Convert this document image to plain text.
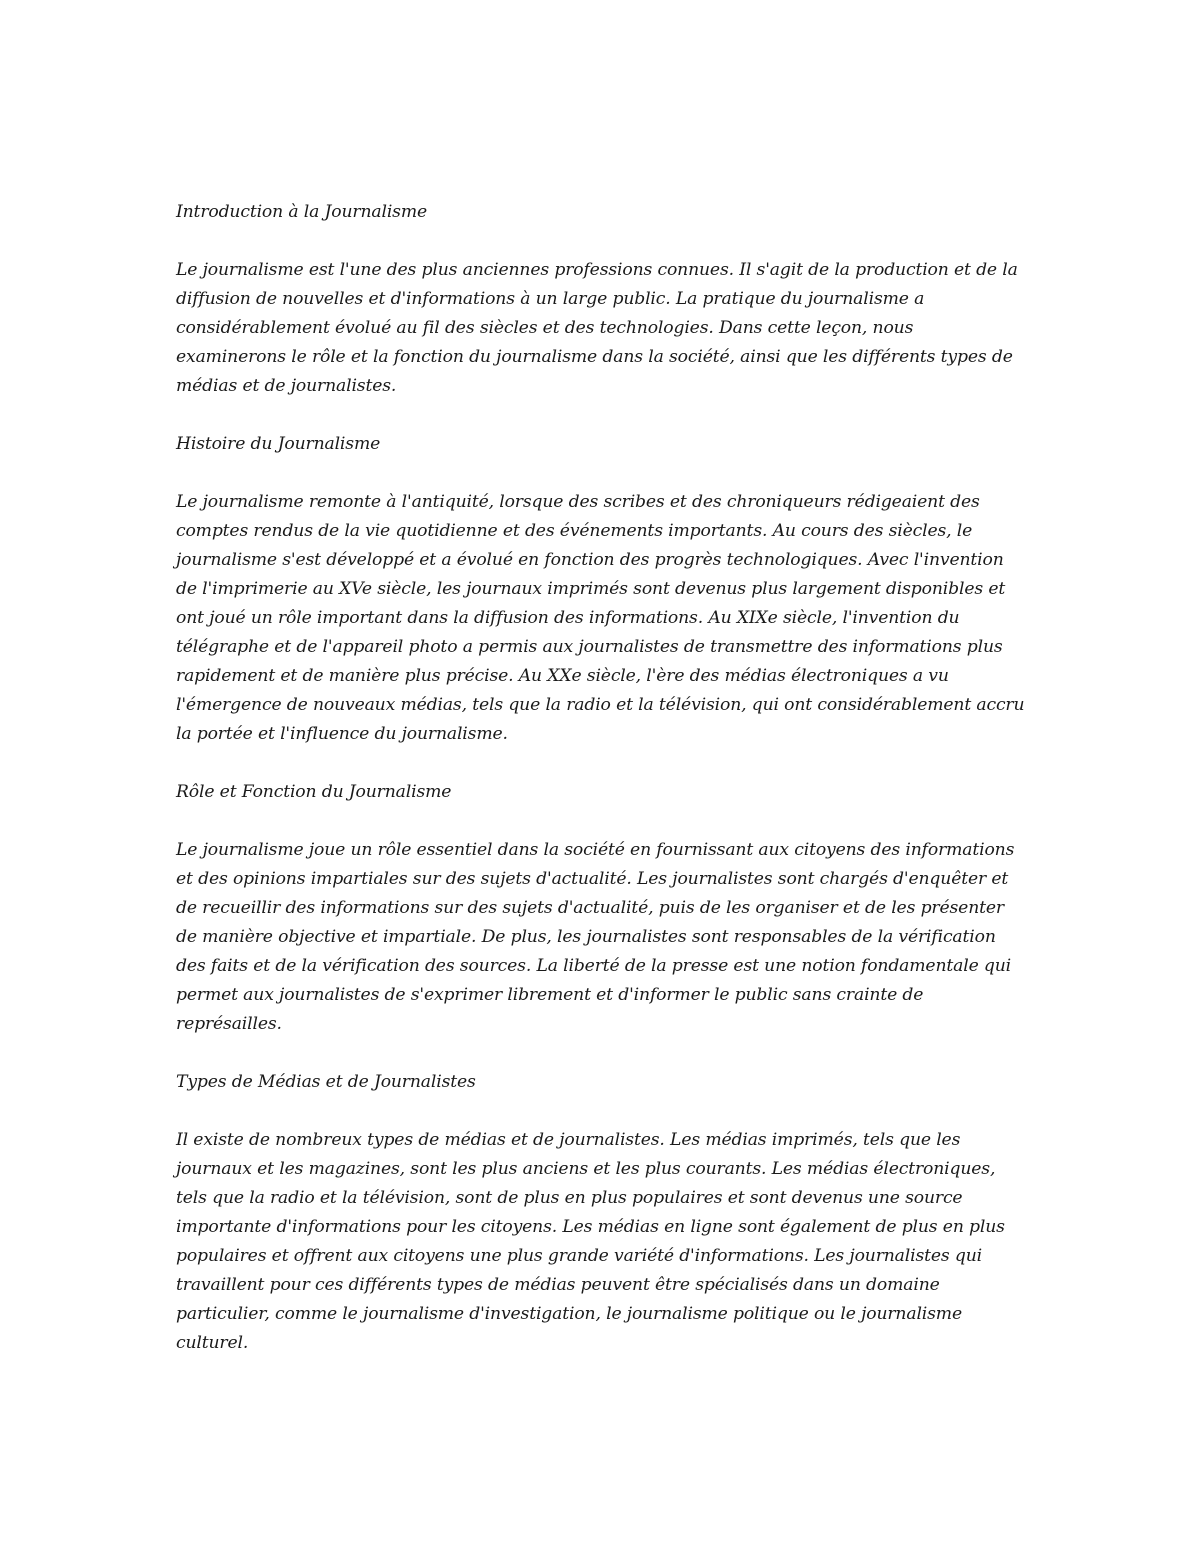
Introduction à la Journalisme

Le journalisme est l'une des plus anciennes professions connues. Il s'agit de la production et de la diffusion de nouvelles et d'informations à un large public. La pratique du journalisme a considérablement évolué au fil des siècles et des technologies. Dans cette leçon, nous examinerons le rôle et la fonction du journalisme dans la société, ainsi que les différents types de médias et de journalistes.

Histoire du Journalisme

Le journalisme remonte à l'antiquité, lorsque des scribes et des chroniqueurs rédigeaient des comptes rendus de la vie quotidienne et des événements importants. Au cours des siècles, le journalisme s'est développé et a évolué en fonction des progrès technologiques. Avec l'invention de l'imprimerie au XVe siècle, les journaux imprimés sont devenus plus largement disponibles et ont joué un rôle important dans la diffusion des informations. Au XIXe siècle, l'invention du télégraphe et de l'appareil photo a permis aux journalistes de transmettre des informations plus rapidement et de manière plus précise. Au XXe siècle, l'ère des médias électroniques a vu l'émergence de nouveaux médias, tels que la radio et la télévision, qui ont considérablement accru la portée et l'influence du journalisme.

Rôle et Fonction du Journalisme

Le journalisme joue un rôle essentiel dans la société en fournissant aux citoyens des informations et des opinions impartiales sur des sujets d'actualité. Les journalistes sont chargés d'enquêter et de recueillir des informations sur des sujets d'actualité, puis de les organiser et de les présenter de manière objective et impartiale. De plus, les journalistes sont responsables de la vérification des faits et de la vérification des sources. La liberté de la presse est une notion fondamentale qui permet aux journalistes de s'exprimer librement et d'informer le public sans crainte de représailles.

Types de Médias et de Journalistes

Il existe de nombreux types de médias et de journalistes. Les médias imprimés, tels que les journaux et les magazines, sont les plus anciens et les plus courants. Les médias électroniques, tels que la radio et la télévision, sont de plus en plus populaires et sont devenus une source importante d'informations pour les citoyens. Les médias en ligne sont également de plus en plus populaires et offrent aux citoyens une plus grande variété d'informations. Les journalistes qui travaillent pour ces différents types de médias peuvent être spécialisés dans un domaine particulier, comme le journalisme d'investigation, le journalisme politique ou le journalisme culturel.
